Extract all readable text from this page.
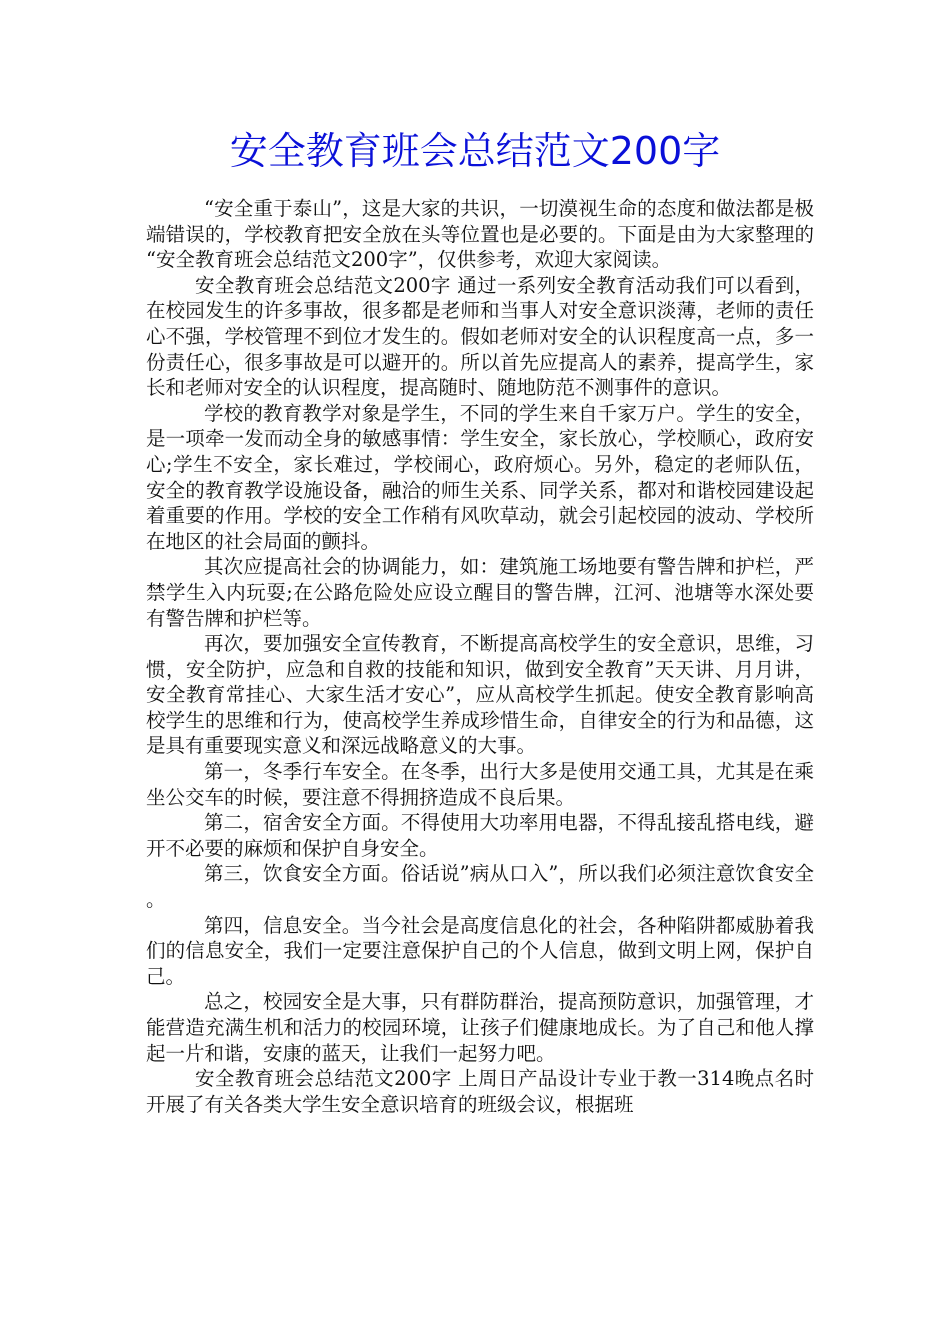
安全教育班会总结范文200字

“安全重于泰山”，这是大家的共识，一切漠视生命的态度和做法都是极端错误的，学校教育把安全放在头等位置也是必要的。下面是由为大家整理的“安全教育班会总结范文200字”，仅供参考，欢迎大家阅读。

安全教育班会总结范文200字 通过一系列安全教育活动我们可以看到，在校园发生的许多事故，很多都是老师和当事人对安全意识淡薄，老师的责任心不强，学校管理不到位才发生的。假如老师对安全的认识程度高一点，多一份责任心，很多事故是可以避开的。所以首先应提高人的素养，提高学生，家长和老师对安全的认识程度，提高随时、随地防范不测事件的意识。

学校的教育教学对象是学生，不同的学生来自千家万户。学生的安全，是一项牵一发而动全身的敏感事情：学生安全，家长放心，学校顺心，政府安心;学生不安全，家长难过，学校闹心，政府烦心。另外，稳定的老师队伍，安全的教育教学设施设备，融洽的师生关系、同学关系，都对和谐校园建设起着重要的作用。学校的安全工作稍有风吹草动，就会引起校园的波动、学校所在地区的社会局面的颤抖。

其次应提高社会的协调能力，如：建筑施工场地要有警告牌和护栏，严禁学生入内玩耍;在公路危险处应设立醒目的警告牌，江河、池塘等水深处要有警告牌和护栏等。

再次，要加强安全宣传教育，不断提高高校学生的安全意识，思维，习惯，安全防护，应急和自救的技能和知识，做到安全教育”天天讲、月月讲，安全教育常挂心、大家生活才安心”，应从高校学生抓起。使安全教育影响高校学生的思维和行为，使高校学生养成珍惜生命，自律安全的行为和品德，这是具有重要现实意义和深远战略意义的大事。

第一，冬季行车安全。在冬季，出行大多是使用交通工具，尤其是在乘坐公交车的时候，要注意不得拥挤造成不良后果。

第二，宿舍安全方面。不得使用大功率用电器，不得乱接乱搭电线，避开不必要的麻烦和保护自身安全。

第三，饮食安全方面。俗话说”病从口入”，所以我们必须注意饮食安全。

第四，信息安全。当今社会是高度信息化的社会，各种陷阱都威胁着我们的信息安全，我们一定要注意保护自己的个人信息，做到文明上网，保护自己。

总之，校园安全是大事，只有群防群治，提高预防意识，加强管理，才能营造充满生机和活力的校园环境，让孩子们健康地成长。为了自己和他人撑起一片和谐，安康的蓝天，让我们一起努力吧。

安全教育班会总结范文200字 上周日产品设计专业于教一314晚点名时开展了有关各类大学生安全意识培育的班级会议，根据班
